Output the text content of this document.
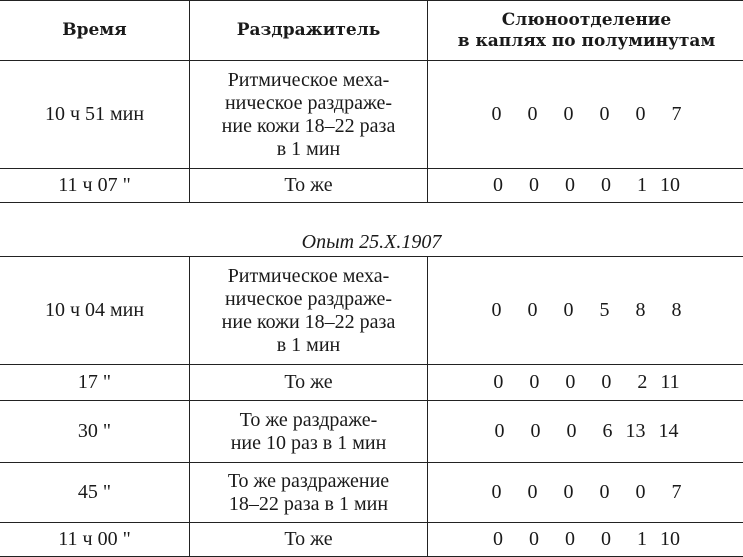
Время	Раздражитель	Слюноотделение
в каплях по полуминутам

10 ч 51 мин	Ритмическое меха-
ническое раздраже-
ние кожи 18–22 раза
в 1 мин	0  0  0  0  0  7
11 ч 07 "	То же	0  0  0  0  1 10
Опыт 25.X.1907
10 ч 04 мин	Ритмическое меха-
ническое раздраже-
ние кожи 18–22 раза
в 1 мин	0  0  0  5  8  8
17 "	То же	0  0  0  0  2 11
30 "	То же раздраже-
ние 10 раз в 1 мин	0  0  0  6 13 14
45 "	То же раздражение
18–22 раза в 1 мин	0  0  0  0  0  7
11 ч 00 "	То же	0  0  0  0  1 10
